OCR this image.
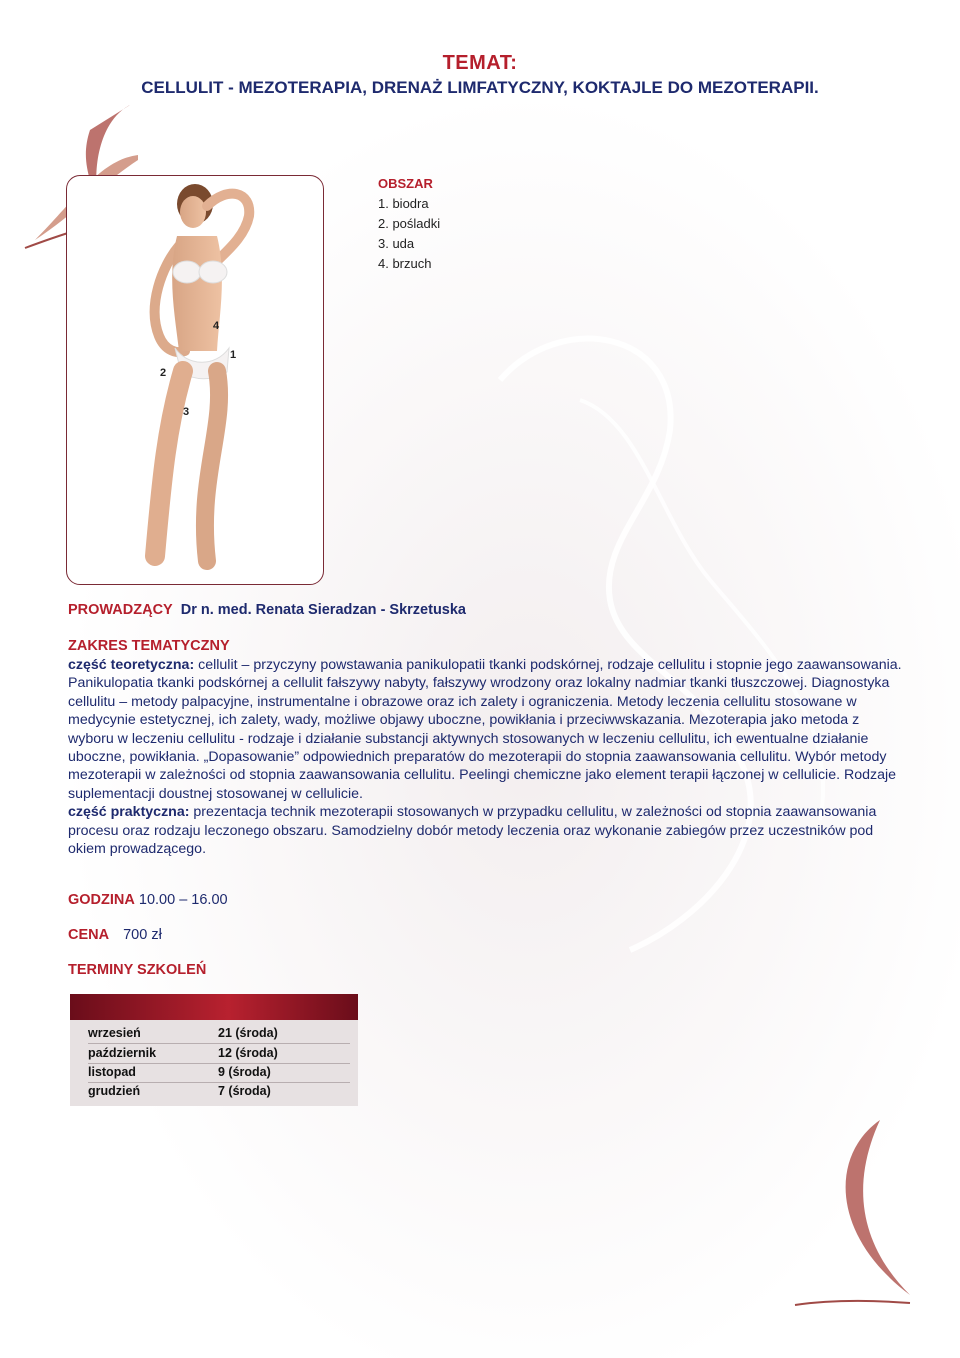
TEMAT:
CELLULIT - MEZOTERAPIA, DRENAŻ LIMFATYCZNY, KOKTAJLE DO MEZOTERAPII.
4
1
2
3
OBSZAR
1. biodra
2. pośladki
3. uda
4. brzuch
PROWADZĄCY Dr n. med. Renata Sieradzan - Skrzetuska
ZAKRES TEMATYCZNY

część teoretyczna: cellulit – przyczyny powstawania panikulopatii tkanki podskórnej, rodzaje cellulitu i stopnie jego zaawansowania. Panikulopatia tkanki podskórnej a cellulit fałszywy nabyty, fałszywy wrodzony oraz lokalny nadmiar tkanki tłuszczowej. Diagnostyka cellulitu – metody palpacyjne, instrumentalne i obrazowe oraz ich zalety i ograniczenia. Metody leczenia cellulitu stosowane w medycynie estetycznej, ich zalety, wady, możliwe objawy uboczne, powikłania i przeciwwskazania. Mezoterapia jako metoda z wyboru w leczeniu cellulitu - rodzaje i działanie substancji aktywnych stosowanych w leczeniu cellulitu, ich ewentualne działanie uboczne, powikłania. „Dopasowanie” odpowiednich preparatów do mezoterapii do stopnia zaawansowania cellulitu. Wybór metody mezoterapii w zależności od stopnia zaawansowania cellulitu. Peelingi chemiczne jako element terapii łączonej w cellulicie. Rodzaje suplementacji doustnej stosowanej w cellulicie.

część praktyczna: prezentacja technik mezoterapii stosowanych w przypadku cellulitu, w zależności od stopnia zaawansowania procesu oraz rodzaju leczonego obszaru. Samodzielny dobór metody leczenia oraz wykonanie zabiegów przez uczestników pod okiem prowadzącego.

GODZINA 10.00 – 16.00
CENA 700 zł
TERMINY SZKOLEŃ
wrzesień	21 (środa)
październik	12 (środa)
listopad	9 (środa)
grudzień	7 (środa)
